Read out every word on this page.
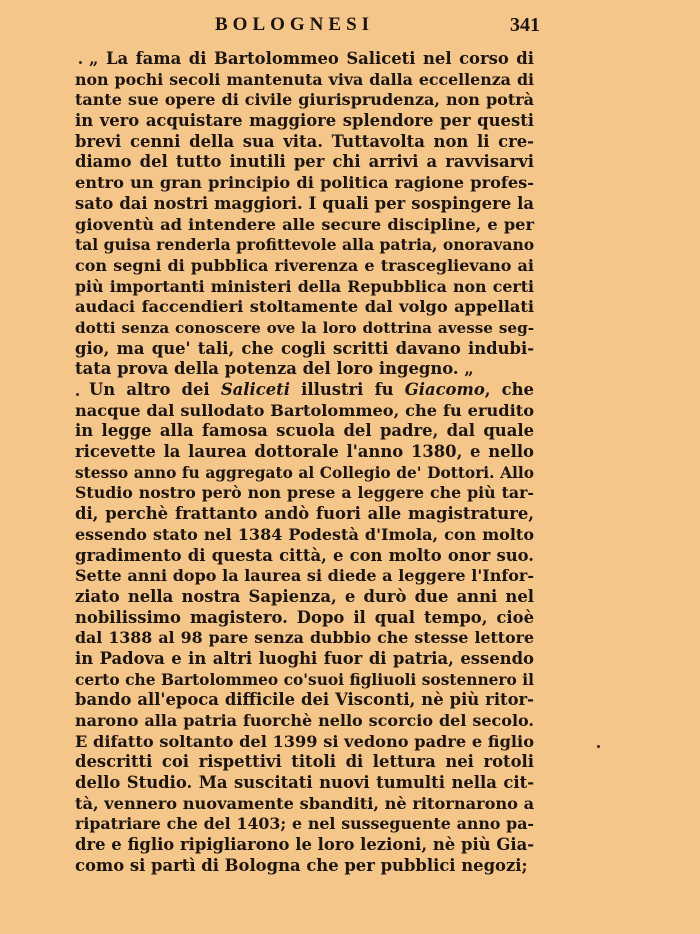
BOLOGNESI	341
„ La fama di Bartolommeo Saliceti nel corso di
non pochi secoli mantenuta viva dalla eccellenza di
tante sue opere di civile giurisprudenza, non potrà
in vero acquistare maggiore splendore per questi
brevi cenni della sua vita. Tuttavolta non li cre-
diamo del tutto inutili per chi arrivi a ravvisarvi
entro un gran principio di politica ragione profes-
sato dai nostri maggiori. I quali per sospingere la
gioventù ad intendere alle secure discipline, e per
tal guisa renderla profittevole alla patria, onoravano
con segni di pubblica riverenza e trasceglievano ai
più importanti ministeri della Repubblica non certi
audaci faccendieri stoltamente dal volgo appellati
dotti senza conoscere ove la loro dottrina avesse seg-
gio, ma que' tali, che cogli scritti davano indubi-
tata prova della potenza del loro ingegno. „
Un altro dei Saliceti illustri fu Giacomo, che
nacque dal sullodato Bartolommeo, che fu erudito
in legge alla famosa scuola del padre, dal quale
ricevette la laurea dottorale l'anno 1380, e nello
stesso anno fu aggregato al Collegio de' Dottori. Allo
Studio nostro però non prese a leggere che più tar-
di, perchè frattanto andò fuori alle magistrature,
essendo stato nel 1384 Podestà d'Imola, con molto
gradimento di questa città, e con molto onor suo.
Sette anni dopo la laurea si diede a leggere l'Infor-
ziato nella nostra Sapienza, e durò due anni nel
nobilissimo magistero. Dopo il qual tempo, cioè
dal 1388 al 98 pare senza dubbio che stesse lettore
in Padova e in altri luoghi fuor di patria, essendo
certo che Bartolommeo co'suoi figliuoli sostennero il
bando all'epoca difficile dei Visconti, nè più ritor-
narono alla patria fuorchè nello scorcio del secolo.
E difatto soltanto del 1399 si vedono padre e figlio
descritti coi rispettivi titoli di lettura nei rotoli
dello Studio. Ma suscitati nuovi tumulti nella cit-
tà, vennero nuovamente sbanditi, nè ritornarono a
ripatriare che del 1403; e nel susseguente anno pa-
dre e figlio ripigliarono le loro lezioni, nè più Gia-
como si partì di Bologna che per pubblici negozi;
